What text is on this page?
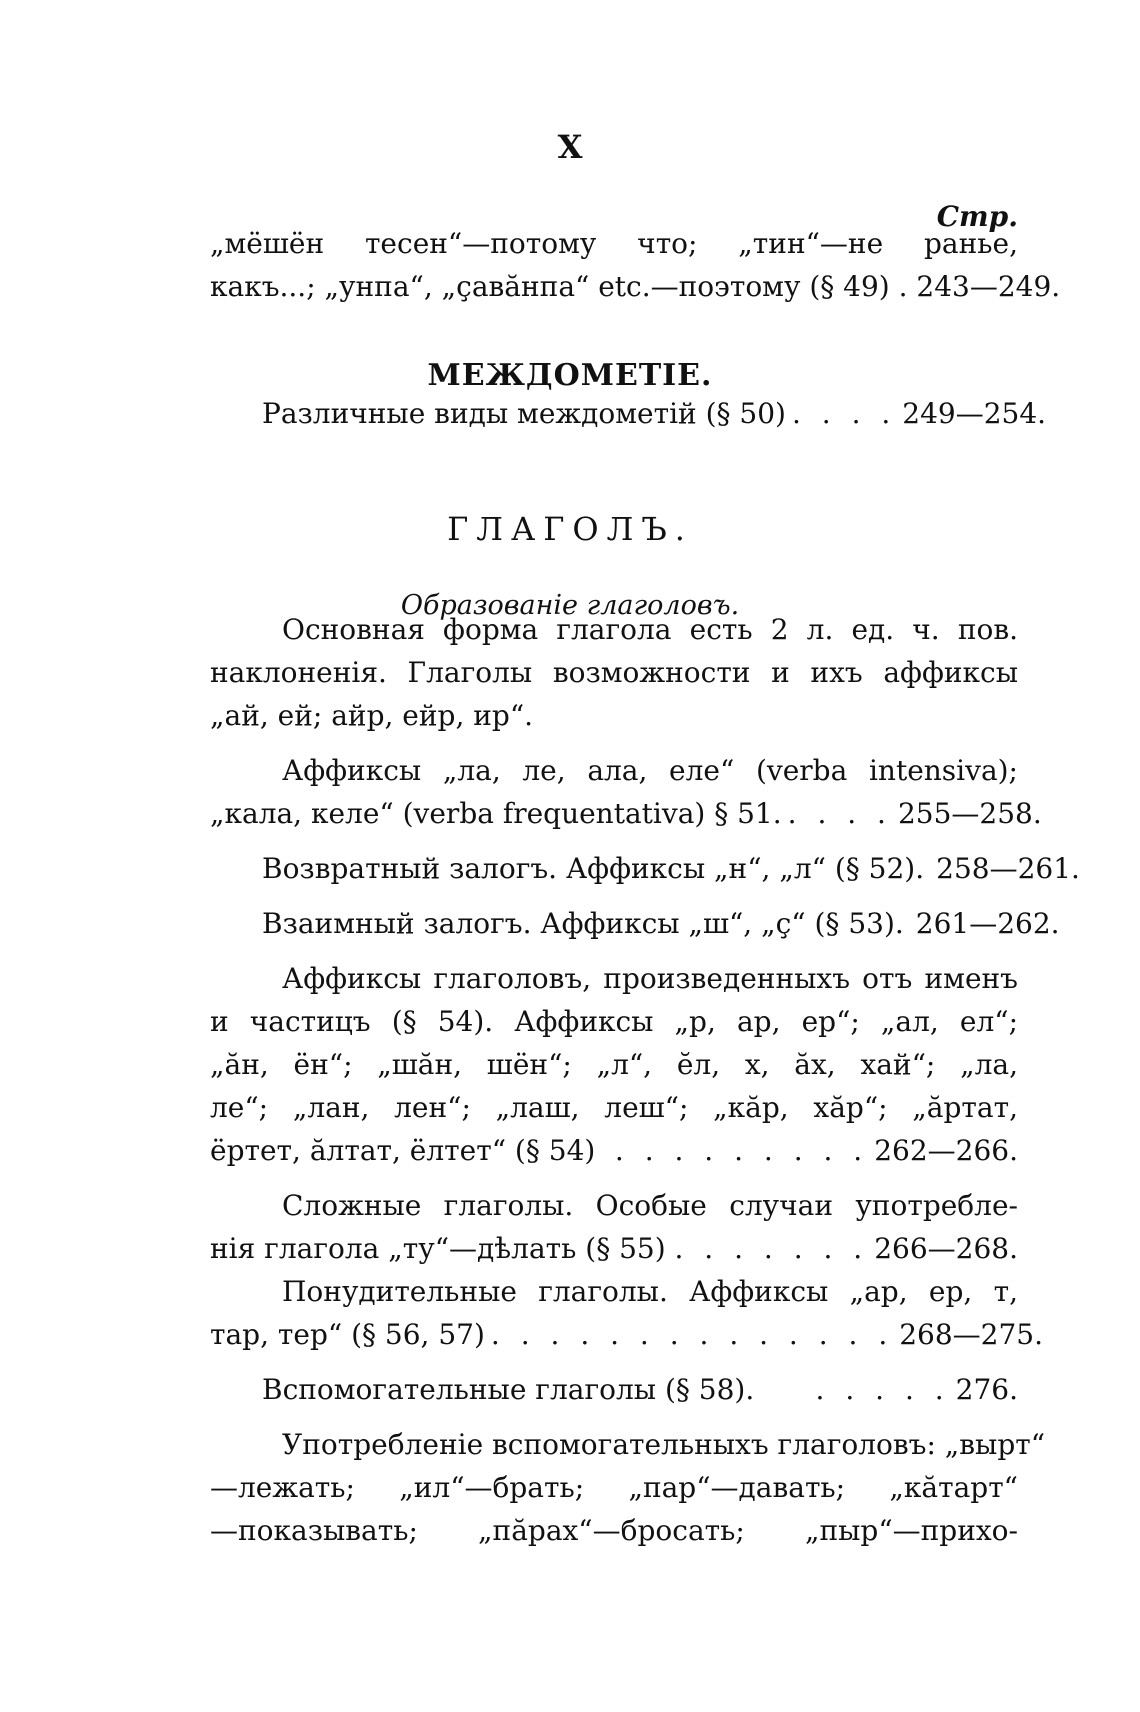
X
Стр.
„мёшён тесен“—потому что; „тин“—не раньe,
какъ...; „унпа“, „ҫавăнпа“ etc.—поэтому (§ 49) . 243—249.
МЕЖДОМЕТІЕ.
Различные виды междометій (§ 50) . . . . 249—254.
ГЛАГОЛЪ.
Образованіе глаголовъ.
Основная форма глагола есть 2 л. ед. ч. пов.
наклоненія. Глаголы возможности и ихъ аффиксы
„ай, ей; айр, ейр, ир“.
Аффиксы „ла, ле, ала, еле“ (verba intensiva);
„кала, келе“ (verba frequentativa) § 51. . . . . 255—258.
Возвратный залогъ. Аффиксы „н“, „л“ (§ 52). 258—261.
Взаимный залогъ. Аффиксы „ш“, „ҫ“ (§ 53). 261—262.
Аффиксы глаголовъ, произведенныхъ отъ именъ
и частицъ (§ 54). Аффиксы „р, ар, ер“; „ал, ел“;
„ăн, ён“; „шăн, шён“; „л“, ĕл, х, ăх, хай“; „ла,
ле“; „лан, лен“; „лаш, леш“; „кăр, хăр“; „ăртат,
ёртет, ăлтат, ёлтет“ (§ 54) . . . . . . . . . 262—266.
Сложные глаголы. Особые случаи употребле-
нія глагола „ту“—дѣлать (§ 55) . . . . . . . 266—268.
Понудительные глаголы. Аффиксы „ар, ер, т,
тар, тер“ (§ 56, 57) . . . . . . . . . . . . . . 268—275.
Вспомогательные глаголы (§ 58).	. . . . . 276.
Употребленіе вспомогательныхъ глаголовъ: „вырт“
—лежать; „ил“—брать; „пар“—давать; „кăтарт“
—показывать; „пăрах“—бросать; „пыр“—прихо-
